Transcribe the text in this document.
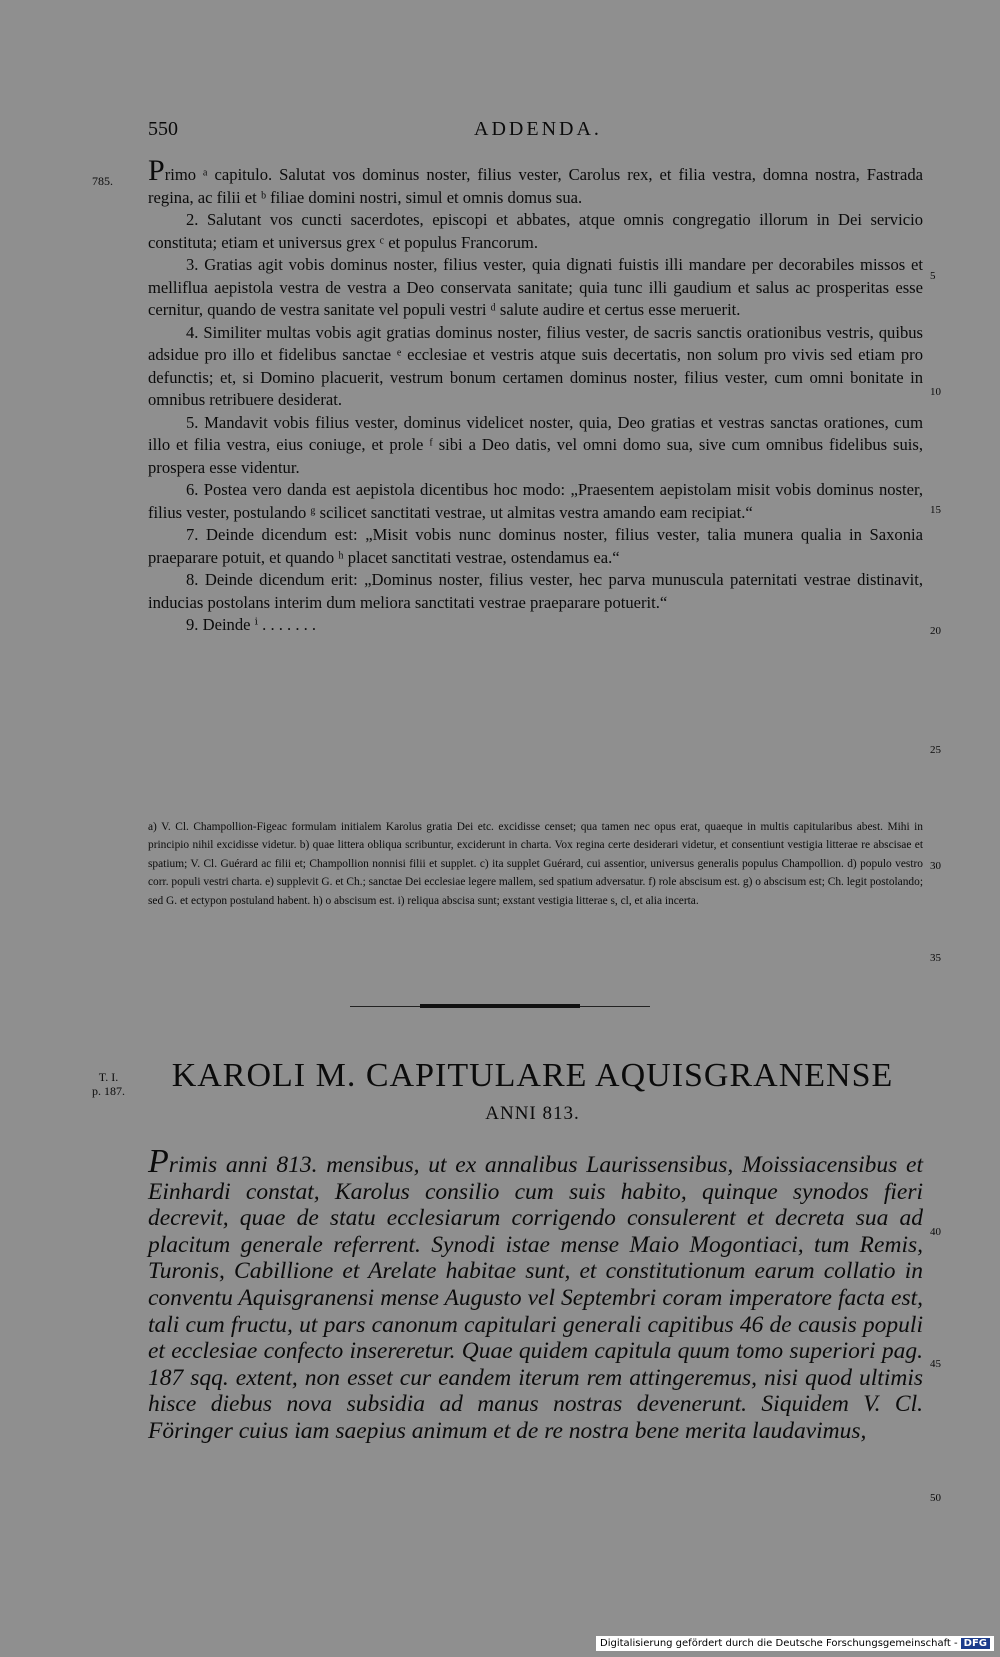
550	ADDENDA.
785. Primo ᵃ capitulo. Salutat vos dominus noster, filius vester, Carolus rex, et filia vestra, domna nostra, Fastrada regina, ac filii et ᵇ filiae domini nostri, simul et omnis domus sua.

2. Salutant vos cuncti sacerdotes, episcopi et abbates, atque omnis congregatio illorum in Dei servicio constituta; etiam et universus grex ᶜ et populus Francorum.

3. Gratias agit vobis dominus noster, filius vester, quia dignati fuistis illi mandare per decorabiles missos et melliflua aepistola vestra de vestra a Deo conservata sanitate; quia tunc illi gaudium et salus ac prosperitas esse cernitur, quando de vestra sanitate vel populi vestri ᵈ salute audire et certus esse meruerit.

4. Similiter multas vobis agit gratias dominus noster, filius vester, de sacris sanctis orationibus vestris, quibus adsidue pro illo et fidelibus sanctae ᵉ ecclesiae et vestris atque suis decertatis, non solum pro vivis sed etiam pro defunctis; et, si Domino placuerit, vestrum bonum certamen dominus noster, filius vester, cum omni bonitate in omnibus retribuere desiderat.

5. Mandavit vobis filius vester, dominus videlicet noster, quia, Deo gratias et vestras sanctas orationes, cum illo et filia vestra, eius coniuge, et prole ᶠ sibi a Deo datis, vel omni domo sua, sive cum omnibus fidelibus suis, prospera esse videntur.

6. Postea vero danda est aepistola dicentibus hoc modo: „Praesentem aepistolam misit vobis dominus noster, filius vester, postulando ᵍ scilicet sanctitati vestrae, ut almitas vestra amando eam recipiat.“

7. Deinde dicendum est: „Misit vobis nunc dominus noster, filius vester, talia munera qualia in Saxonia praeparare potuit, et quando ʰ placet sanctitati vestrae, ostendamus ea.“

8. Deinde dicendum erit: „Dominus noster, filius vester, hec parva munuscula paternitati vestrae distinavit, inducias postolans interim dum meliora sanctitati vestrae praeparare potuerit.“

9. Deinde ⁱ . . . . . . .

a) V. Cl. Champollion-Figeac formulam initialem Karolus gratia Dei etc. excidisse censet; qua tamen nec opus erat, quaeque in multis capitularibus abest. Mihi in principio nihil excidisse videtur. b) quae littera obliqua scribuntur, exciderunt in charta. Vox regina certe desiderari videtur, et consentiunt vestigia litterae re abscisae et spatium; V. Cl. Guérard ac filii et; Champollion nonnisi filii et supplet. c) ita supplet Guérard, cui assentior, universus generalis populus Champollion. d) populo vestro corr. populi vestri charta. e) supplevit G. et Ch.; sanctae Dei ecclesiae legere mallem, sed spatium adversatur. f) role abscisum est. g) o abscisum est; Ch. legit postolando; sed G. et ectypon postuland habent. h) o abscisum est. i) reliqua abscisa sunt; exstant vestigia litterae s, cl, et alia incerta.

5
10
15
20
25
30
35
40
45
50
T. I.
p. 187.	KAROLI M. CAPITULARE AQUISGRANENSE
ANNI 813.
Primis anni 813. mensibus, ut ex annalibus Laurissensibus, Moissiacensibus et Einhardi constat, Karolus consilio cum suis habito, quinque synodos fieri decrevit, quae de statu ecclesiarum corrigendo consulerent et decreta sua ad placitum generale referrent. Synodi istae mense Maio Mogontiaci, tum Remis, Turonis, Cabillione et Arelate habitae sunt, et constitutionum earum collatio in conventu Aquisgranensi mense Augusto vel Septembri coram imperatore facta est, tali cum fructu, ut pars canonum capitulari generali capitibus 46 de causis populi et ecclesiae confecto insereretur. Quae quidem capitula quum tomo superiori pag. 187 sqq. extent, non esset cur eandem iterum rem attingeremus, nisi quod ultimis hisce diebus nova subsidia ad manus nostras devenerunt. Siquidem V. Cl. Föringer cuius iam saepius animum et de re nostra bene merita laudavimus,
Digitalisierung gefördert durch die Deutsche Forschungsgemeinschaft - DFG
